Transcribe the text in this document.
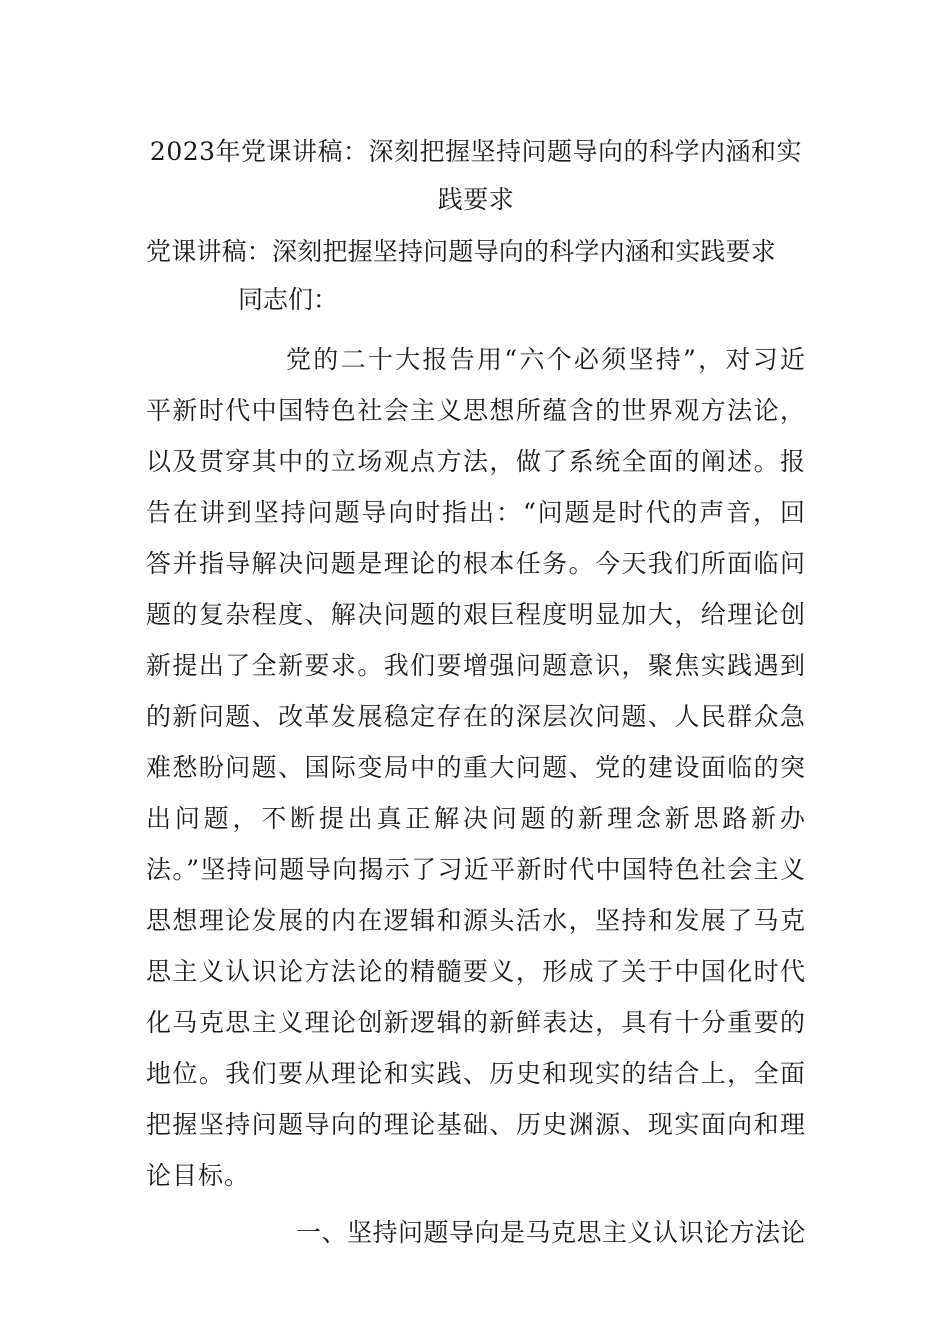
2023年党课讲稿：深刻把握坚持问题导向的科学内涵和实践要求

党课讲稿：深刻把握坚持问题导向的科学内涵和实践要求

同志们：

党的二十大报告用“六个必须坚持”，对习近平新时代中国特色社会主义思想所蕴含的世界观方法论，以及贯穿其中的立场观点方法，做了系统全面的阐述。报告在讲到坚持问题导向时指出：“问题是时代的声音，回答并指导解决问题是理论的根本任务。今天我们所面临问题的复杂程度、解决问题的艰巨程度明显加大，给理论创新提出了全新要求。我们要增强问题意识，聚焦实践遇到的新问题、改革发展稳定存在的深层次问题、人民群众急难愁盼问题、国际变局中的重大问题、党的建设面临的突出问题，不断提出真正解决问题的新理念新思路新办法。”坚持问题导向揭示了习近平新时代中国特色社会主义思想理论发展的内在逻辑和源头活水，坚持和发展了马克思主义认识论方法论的精髓要义，形成了关于中国化时代化马克思主义理论创新逻辑的新鲜表达，具有十分重要的地位。我们要从理论和实践、历史和现实的结合上，全面把握坚持问题导向的理论基础、历史渊源、现实面向和理论目标。

一、坚持问题导向是马克思主义认识论方法论
